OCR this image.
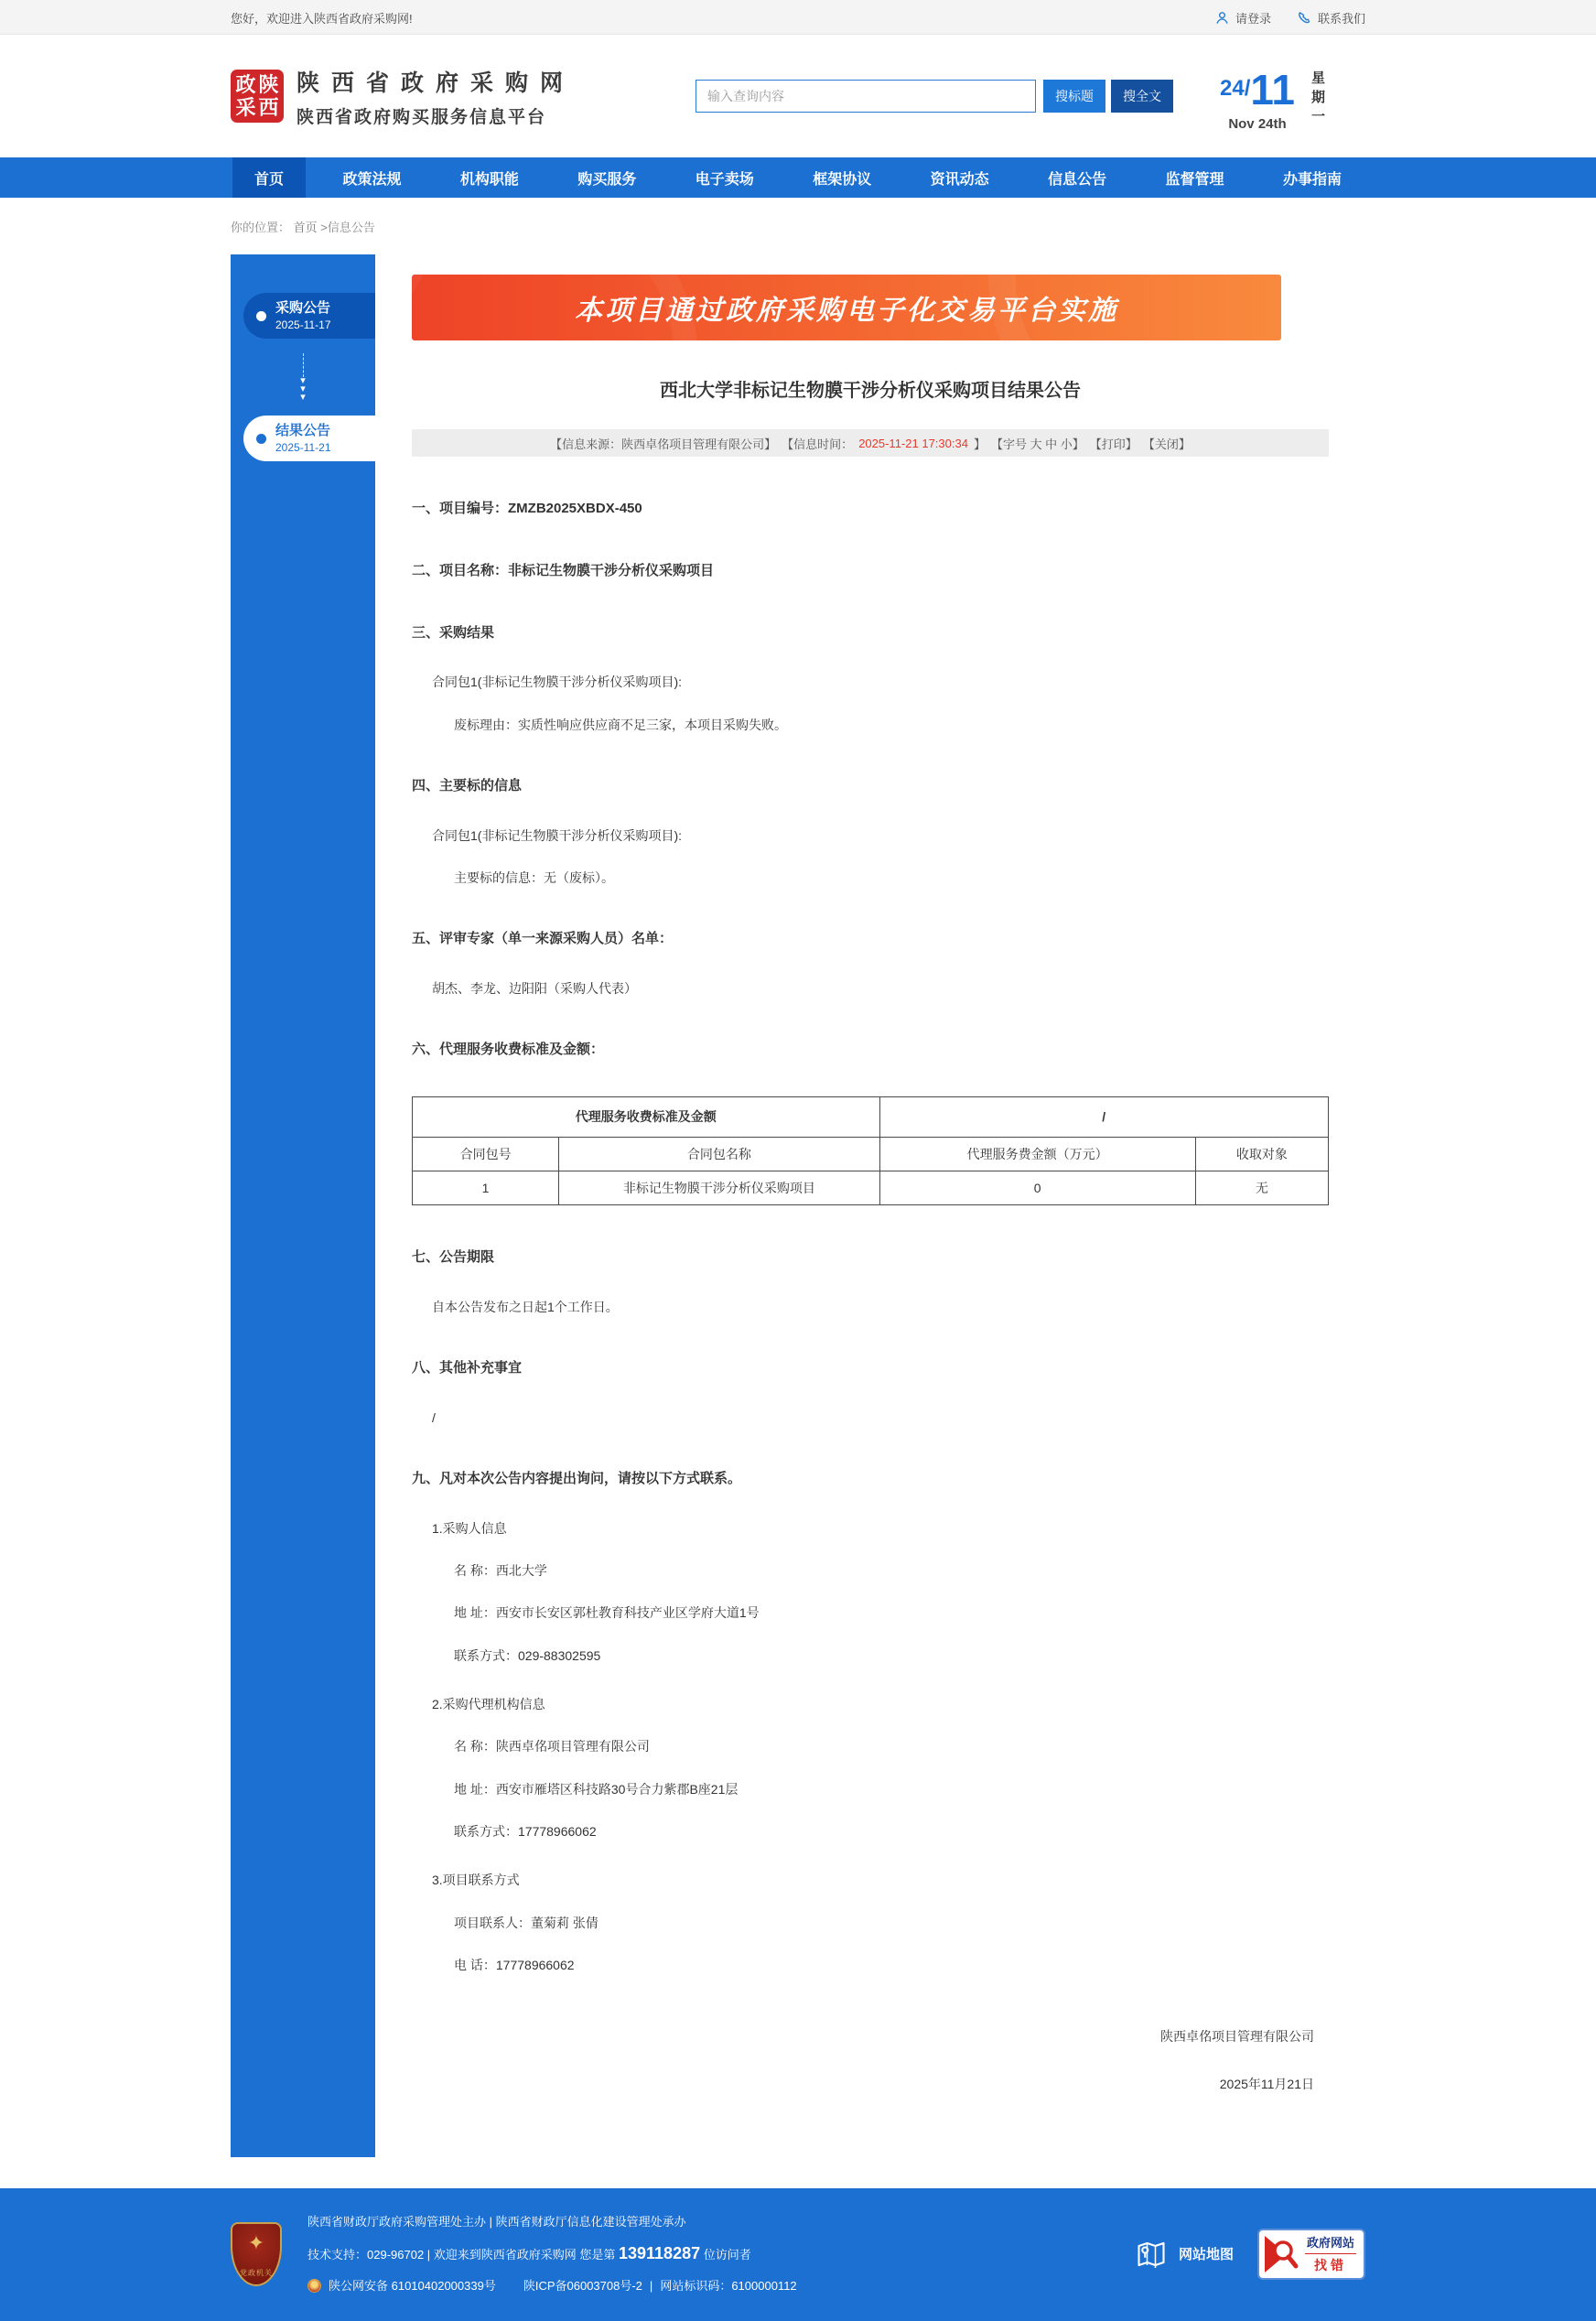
您好，欢迎进入陕西省政府采购网!	请登录	联系我们
政 陕
采 西
陕西省政府采购网
陕西省政府购买服务信息平台
输入查询内容
搜标题	搜全文	24/11
Nov 24th	星期一
首页	政策法规	机构职能	购买服务	电子卖场	框架协议	资讯动态	信息公告	监督管理	办事指南
你的位置： 首页 >信息公告
采购公告
2025-11-17
▾
▾
▾
结果公告
2025-11-21
本项目通过政府采购电子化交易平台实施
西北大学非标记生物膜干涉分析仪采购项目结果公告
【信息来源：陕西卓佲项目管理有限公司】 【信息时间： 2025-11-21 17:30:34 】 【字号 大 中 小】 【打印】 【关闭】
一、项目编号：ZMZB2025XBDX-450
二、项目名称：非标记生物膜干涉分析仪采购项目
三、采购结果
合同包1(非标记生物膜干涉分析仪采购项目):
废标理由：实质性响应供应商不足三家，本项目采购失败。
四、主要标的信息
合同包1(非标记生物膜干涉分析仪采购项目):
主要标的信息：无（废标）。
五、评审专家（单一来源采购人员）名单：
胡杰、李龙、边阳阳（采购人代表）
六、代理服务收费标准及金额：
代理服务收费标准及金额		/	
合同包号	合同包名称	代理服务费金额（万元）	收取对象
1	非标记生物膜干涉分析仪采购项目	0	无
七、公告期限
自本公告发布之日起1个工作日。
八、其他补充事宜
/
九、凡对本次公告内容提出询问，请按以下方式联系。
1.采购人信息
名 称：西北大学
地 址：西安市长安区郭杜教育科技产业区学府大道1号
联系方式：029-88302595
2.采购代理机构信息
名 称：陕西卓佲项目管理有限公司
地 址：西安市雁塔区科技路30号合力紫郡B座21层
联系方式：17778966062
3.项目联系方式
项目联系人：董菊莉 张倩
电 话：17778966062
陕西卓佲项目管理有限公司
2025年11月21日
✦
党政机关
陕西省财政厅政府采购管理处主办 | 陕西省财政厅信息化建设管理处承办
技术支持：029-96702 | 欢迎来到陕西省政府采购网 您是第 139118287 位访问者
陕公网安备 61010402000339号 陕ICP备06003708号-2 | 网站标识码：6100000112
网站地图
政府网站
找错
